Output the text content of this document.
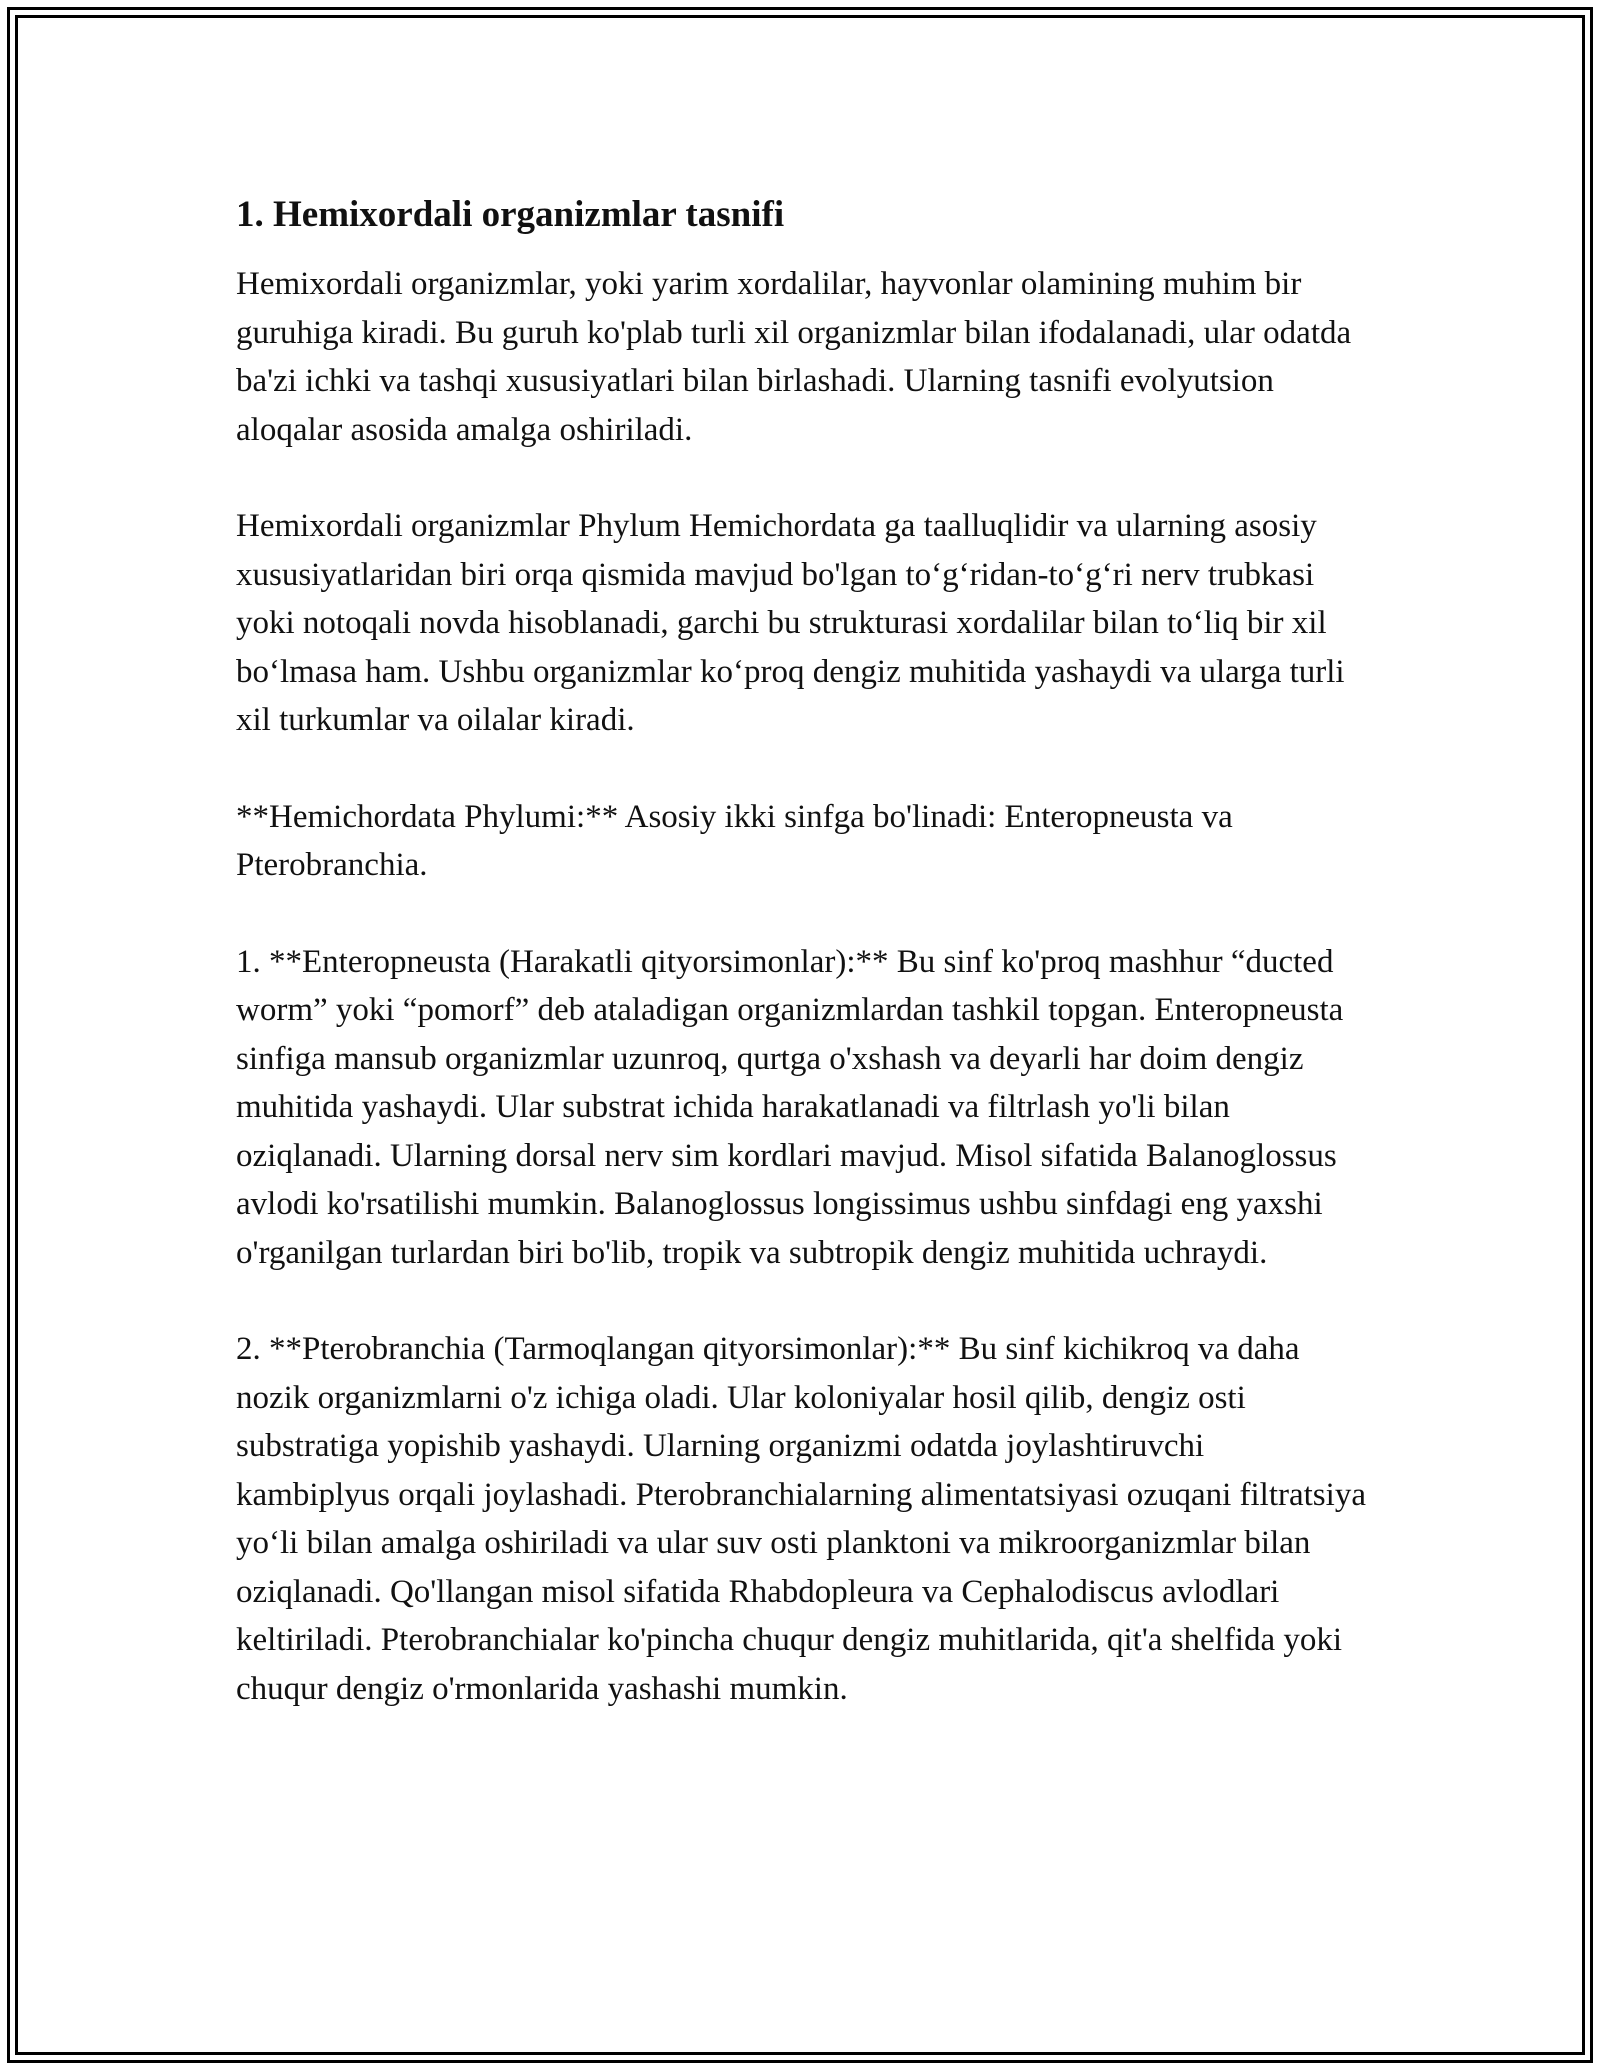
1. Hemixordali organizmlar tasnifi

Hemixordali organizmlar, yoki yarim xordalilar, hayvonlar olamining muhim bir guruhiga kiradi. Bu guruh ko'plab turli xil organizmlar bilan ifodalanadi, ular odatda ba'zi ichki va tashqi xususiyatlari bilan birlashadi. Ularning tasnifi evolyutsion aloqalar asosida amalga oshiriladi.

Hemixordali organizmlar Phylum Hemichordata ga taalluqlidir va ularning asosiy xususiyatlaridan biri orqa qismida mavjud bo'lgan to‘g‘ridan-to‘g‘ri nerv trubkasi yoki notoqali novda hisoblanadi, garchi bu strukturasi xordalilar bilan to‘liq bir xil bo‘lmasa ham. Ushbu organizmlar ko‘proq dengiz muhitida yashaydi va ularga turli xil turkumlar va oilalar kiradi.

**Hemichordata Phylumi:** Asosiy ikki sinfga bo'linadi: Enteropneusta va Pterobranchia.

1. **Enteropneusta (Harakatli qityorsimonlar):** Bu sinf ko'proq mashhur “ducted worm” yoki “pomorf” deb ataladigan organizmlardan tashkil topgan. Enteropneusta sinfiga mansub organizmlar uzunroq, qurtga o'xshash va deyarli har doim dengiz muhitida yashaydi. Ular substrat ichida harakatlanadi va filtrlash yo'li bilan oziqlanadi. Ularning dorsal nerv sim kordlari mavjud. Misol sifatida Balanoglossus avlodi ko'rsatilishi mumkin. Balanoglossus longissimus ushbu sinfdagi eng yaxshi o'rganilgan turlardan biri bo'lib, tropik va subtropik dengiz muhitida uchraydi.

2. **Pterobranchia (Tarmoqlangan qityorsimonlar):** Bu sinf kichikroq va daha nozik organizmlarni o'z ichiga oladi. Ular koloniyalar hosil qilib, dengiz osti substratiga yopishib yashaydi. Ularning organizmi odatda joylashtiruvchi kambiplyus orqali joylashadi. Pterobranchialarning alimentatsiyasi ozuqani filtratsiya yo‘li bilan amalga oshiriladi va ular suv osti planktoni va mikroorganizmlar bilan oziqlanadi. Qo'llangan misol sifatida Rhabdopleura va Cephalodiscus avlodlari keltiriladi. Pterobranchialar ko'pincha chuqur dengiz muhitlarida, qit'a shelfida yoki chuqur dengiz o'rmonlarida yashashi mumkin.
